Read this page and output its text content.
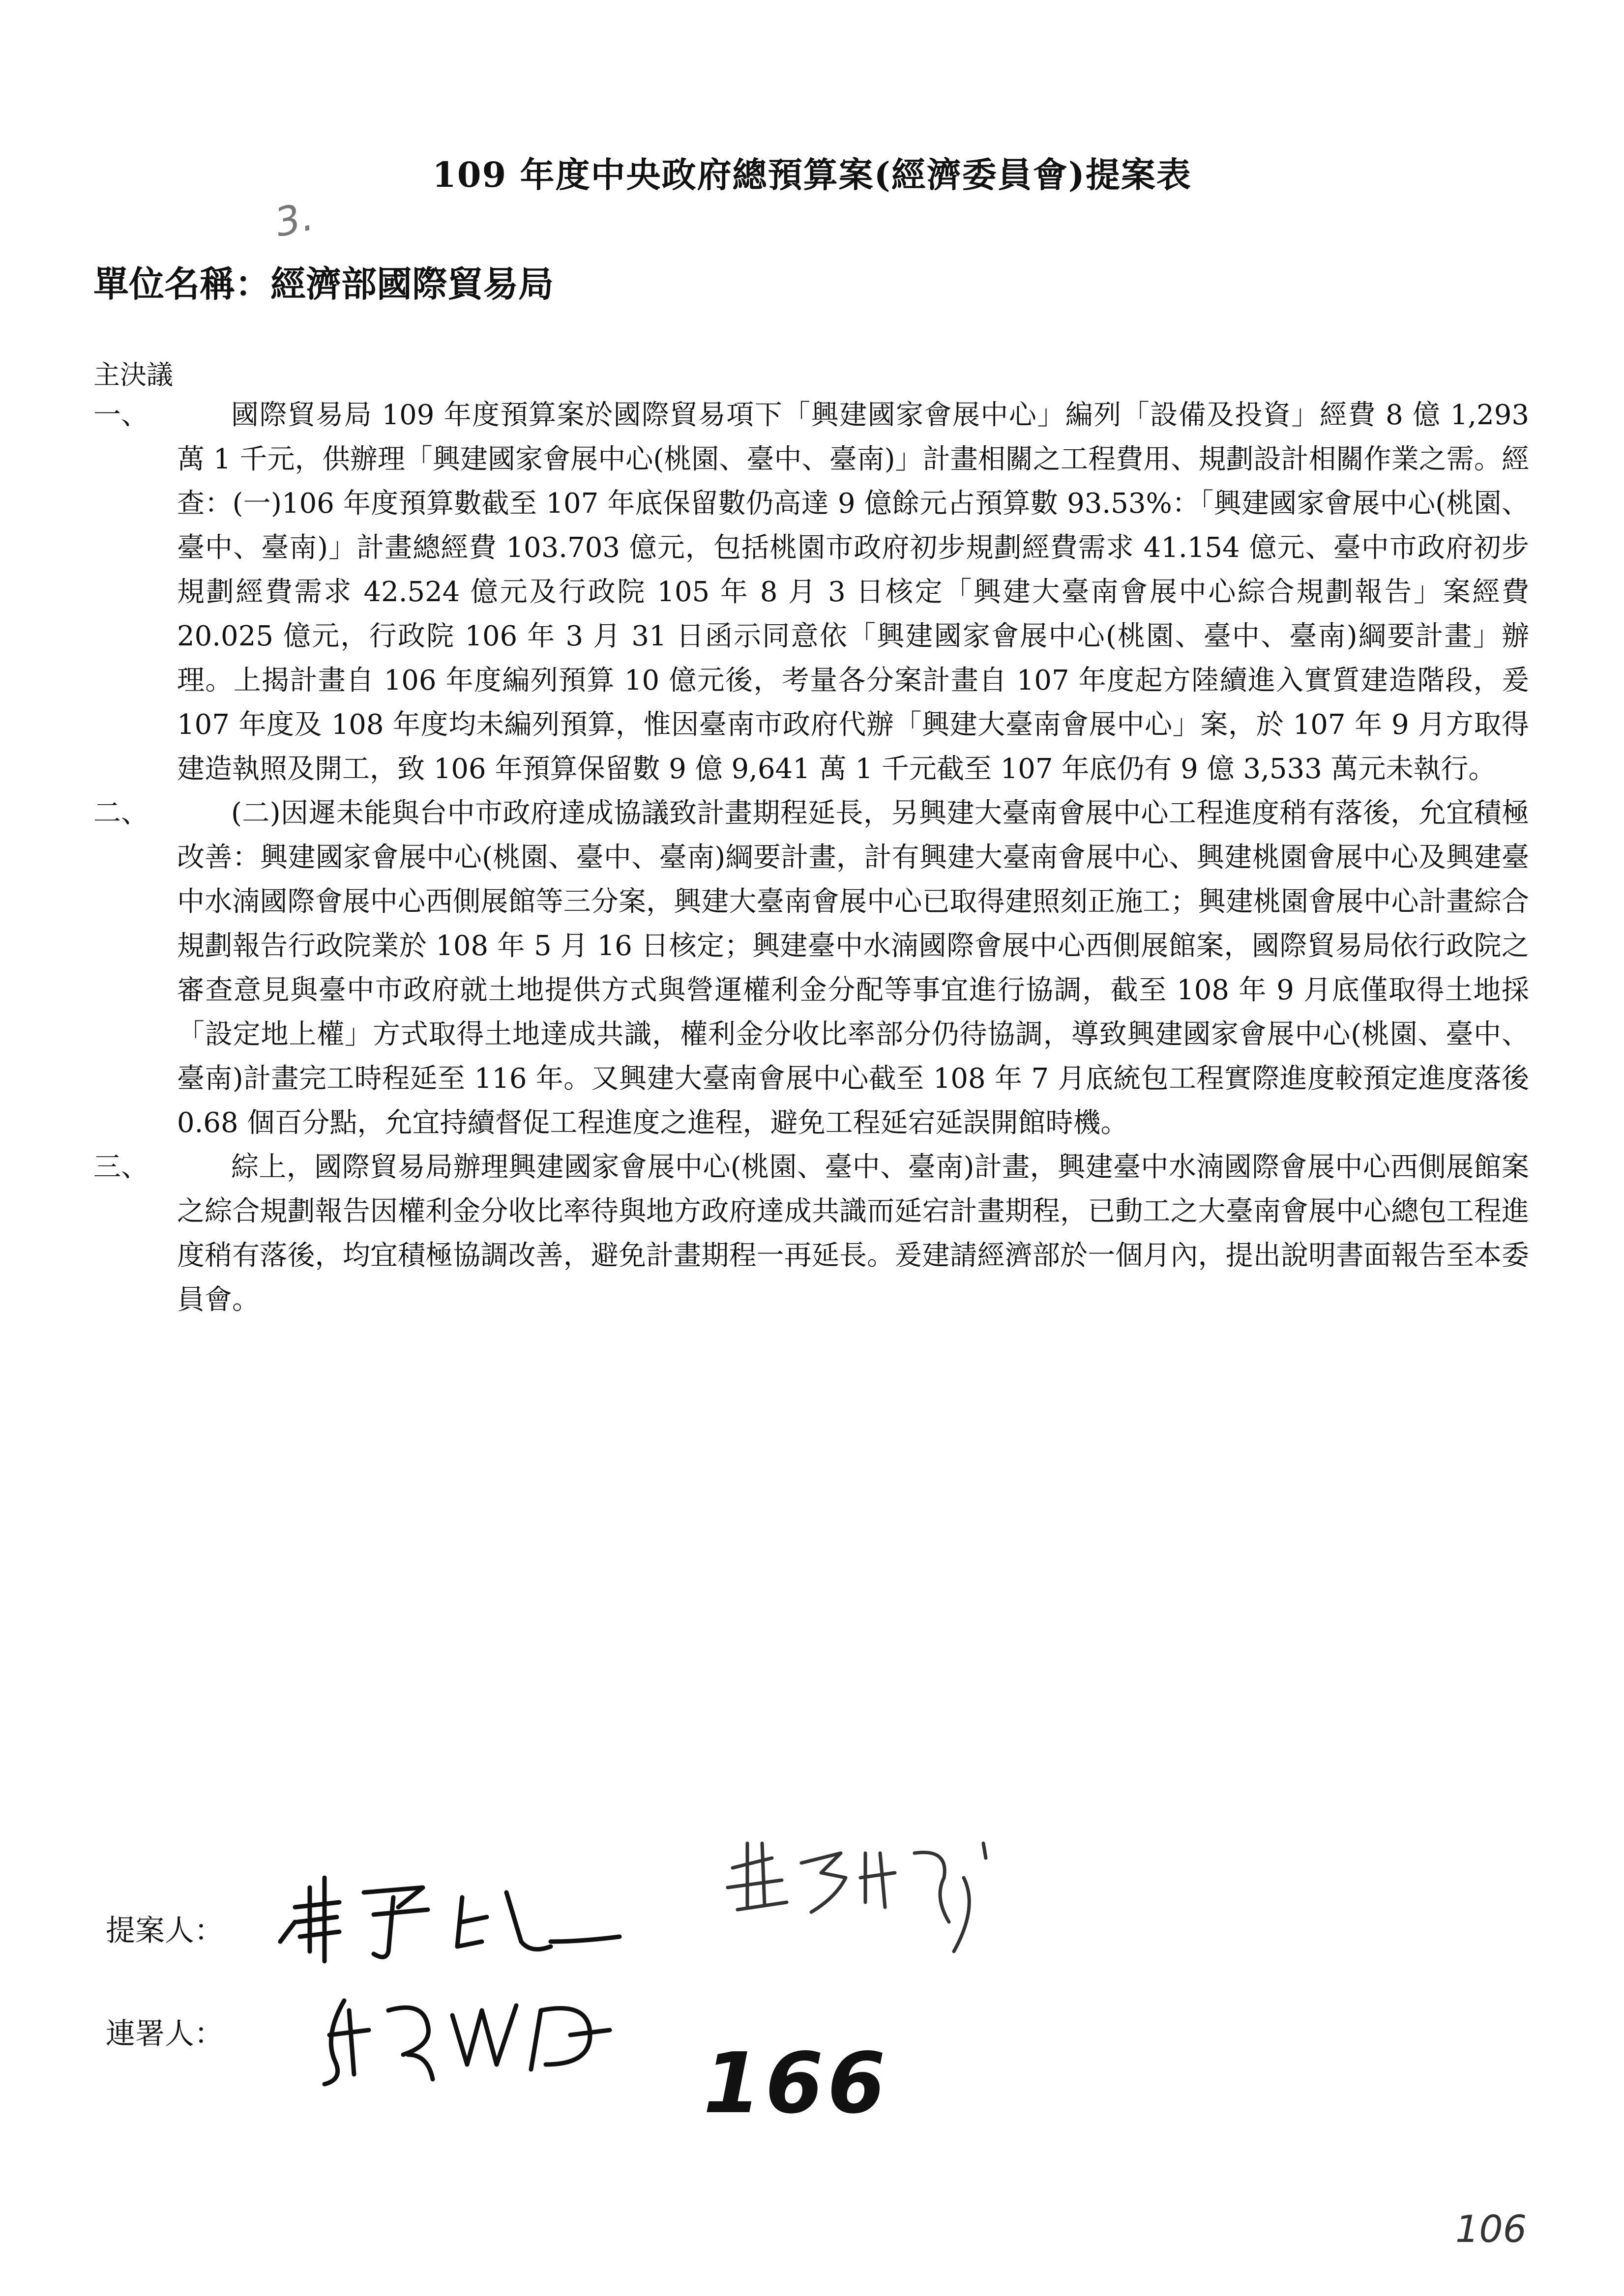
109 年度中央政府總預算案(經濟委員會)提案表
3.
單位名稱：經濟部國際貿易局
主決議

一、	國際貿易局 109 年度預算案於國際貿易項下「興建國家會展中心」編列「設備及投資」經費 8 億 1,293 萬 1 千元，供辦理「興建國家會展中心(桃園、臺中、臺南)」計畫相關之工程費用、規劃設計相關作業之需。經查：(一)106 年度預算數截至 107 年底保留數仍高達 9 億餘元占預算數 93.53%：「興建國家會展中心(桃園、臺中、臺南)」計畫總經費 103.703 億元，包括桃園市政府初步規劃經費需求 41.154 億元、臺中市政府初步規劃經費需求 42.524 億元及行政院 105 年 8 月 3 日核定「興建大臺南會展中心綜合規劃報告」案經費 20.025 億元，行政院 106 年 3 月 31 日函示同意依「興建國家會展中心(桃園、臺中、臺南)綱要計畫」辦理。上揭計畫自 106 年度編列預算 10 億元後，考量各分案計畫自 107 年度起方陸續進入實質建造階段，爰 107 年度及 108 年度均未編列預算，惟因臺南市政府代辦「興建大臺南會展中心」案，於 107 年 9 月方取得建造執照及開工，致 106 年預算保留數 9 億 9,641 萬 1 千元截至 107 年底仍有 9 億 3,533 萬元未執行。

二、	(二)因遲未能與台中市政府達成協議致計畫期程延長，另興建大臺南會展中心工程進度稍有落後，允宜積極改善：興建國家會展中心(桃園、臺中、臺南)綱要計畫，計有興建大臺南會展中心、興建桃園會展中心及興建臺中水湳國際會展中心西側展館等三分案，興建大臺南會展中心已取得建照刻正施工；興建桃園會展中心計畫綜合規劃報告行政院業於 108 年 5 月 16 日核定；興建臺中水湳國際會展中心西側展館案，國際貿易局依行政院之審查意見與臺中市政府就土地提供方式與營運權利金分配等事宜進行協調，截至 108 年 9 月底僅取得土地採「設定地上權」方式取得土地達成共識，權利金分收比率部分仍待協調，導致興建國家會展中心(桃園、臺中、臺南)計畫完工時程延至 116 年。又興建大臺南會展中心截至 108 年 7 月底統包工程實際進度較預定進度落後 0.68 個百分點，允宜持續督促工程進度之進程，避免工程延宕延誤開館時機。

三、	綜上，國際貿易局辦理興建國家會展中心(桃園、臺中、臺南)計畫，興建臺中水湳國際會展中心西側展館案之綜合規劃報告因權利金分收比率待與地方政府達成共識而延宕計畫期程，已動工之大臺南會展中心總包工程進度稍有落後，均宜積極協調改善，避免計畫期程一再延長。爰建請經濟部於一個月內，提出說明書面報告至本委員會。

提案人：
連署人：
166
106
